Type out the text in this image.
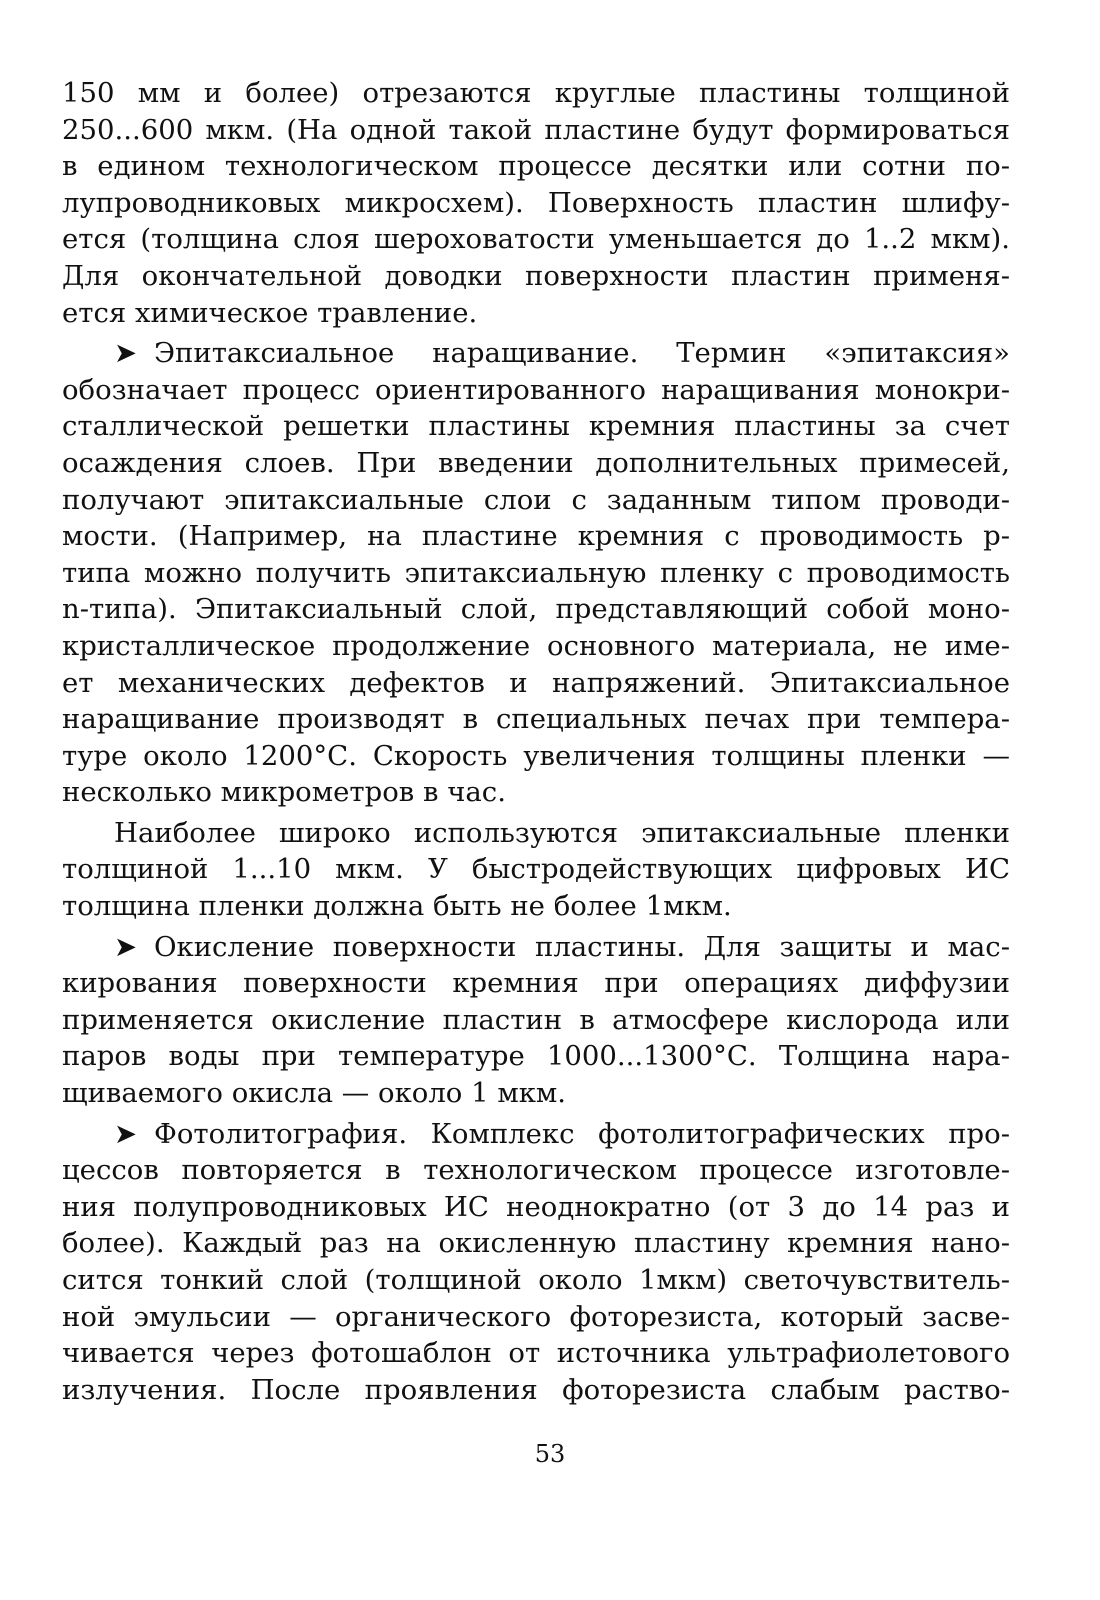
150 мм и более) отрезаются круглые пластины толщиной
250...600 мкм. (На одной такой пластине будут формироваться
в едином технологическом процессе десятки или сотни по-
лупроводниковых микросхем). Поверхность пластин шлифу-
ется (толщина слоя шероховатости уменьшается до 1..2 мкм).
Для окончательной доводки поверхности пластин применя-
ется химическое травление.
➤ Эпитаксиальное наращивание. Термин «эпитаксия»
обозначает процесс ориентированного наращивания монокри-
сталлической решетки пластины кремния пластины за счет
осаждения слоев. При введении дополнительных примесей,
получают эпитаксиальные слои с заданным типом проводи-
мости. (Например, на пластине кремния с проводимость p-
типа можно получить эпитаксиальную пленку с проводимость
n-типа). Эпитаксиальный слой, представляющий собой моно-
кристаллическое продолжение основного материала, не име-
ет механических дефектов и напряжений. Эпитаксиальное
наращивание производят в специальных печах при темпера-
туре около 1200°С. Скорость увеличения толщины пленки —
несколько микрометров в час.
Наиболее широко используются эпитаксиальные пленки
толщиной 1...10 мкм. У быстродействующих цифровых ИС
толщина пленки должна быть не более 1мкм.
➤ Окисление поверхности пластины. Для защиты и мас-
кирования поверхности кремния при операциях диффузии
применяется окисление пластин в атмосфере кислорода или
паров воды при температуре 1000...1300°С. Толщина нара-
щиваемого окисла — около 1 мкм.
➤ Фотолитография. Комплекс фотолитографических про-
цессов повторяется в технологическом процессе изготовле-
ния полупроводниковых ИС неоднократно (от 3 до 14 раз и
более). Каждый раз на окисленную пластину кремния нано-
сится тонкий слой (толщиной около 1мкм) светочувствитель-
ной эмульсии — органического фоторезиста, который засве-
чивается через фотошаблон от источника ультрафиолетового
излучения. После проявления фоторезиста слабым раство-
53
